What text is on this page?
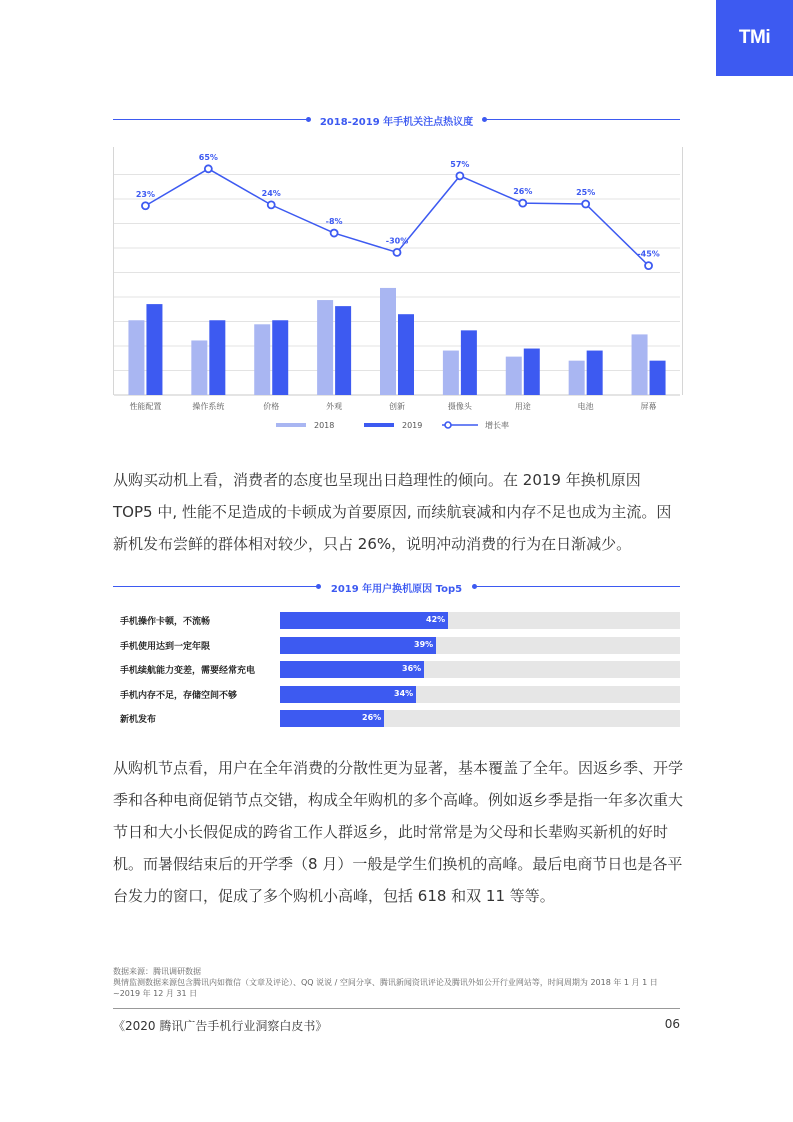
TMi
2018-2019 年手机关注点热议度
性能配置	操作系统	价格	外观	创新	摄像头	用途	电池	屏幕
23%
65%
24%
-8%
-30%
57%
26%	25%
-45%
2018	2019	增长率

从购买动机上看，消费者的态度也呈现出日趋理性的倾向。在 2019 年换机原因 TOP5 中, 性能不足造成的卡顿成为首要原因, 而续航衰减和内存不足也成为主流。因新机发布尝鲜的群体相对较少，只占 26%，说明冲动消费的行为在日渐减少。

2019 年用户换机原因 Top5
手机操作卡顿，不流畅	42%
手机使用达到一定年限	39%
手机续航能力变差，需要经常充电	36%
手机内存不足，存储空间不够	34%
新机发布	26%

从购机节点看，用户在全年消费的分散性更为显著，基本覆盖了全年。因返乡季、开学季和各种电商促销节点交错，构成全年购机的多个高峰。例如返乡季是指一年多次重大节日和大小长假促成的跨省工作人群返乡，此时常常是为父母和长辈购买新机的好时机。而暑假结束后的开学季（8 月）一般是学生们换机的高峰。最后电商节日也是各平台发力的窗口，促成了多个购机小高峰，包括 618 和双 11 等等。

数据来源：腾讯调研数据
舆情监测数据来源包含腾讯内如微信（文章及评论）、QQ 说说 / 空间分享、腾讯新闻资讯评论及腾讯外如公开行业网站等，时间周期为 2018 年 1 月 1 日 ~2019 年 12 月 31 日
《2020 腾讯广告手机行业洞察白皮书》	06
